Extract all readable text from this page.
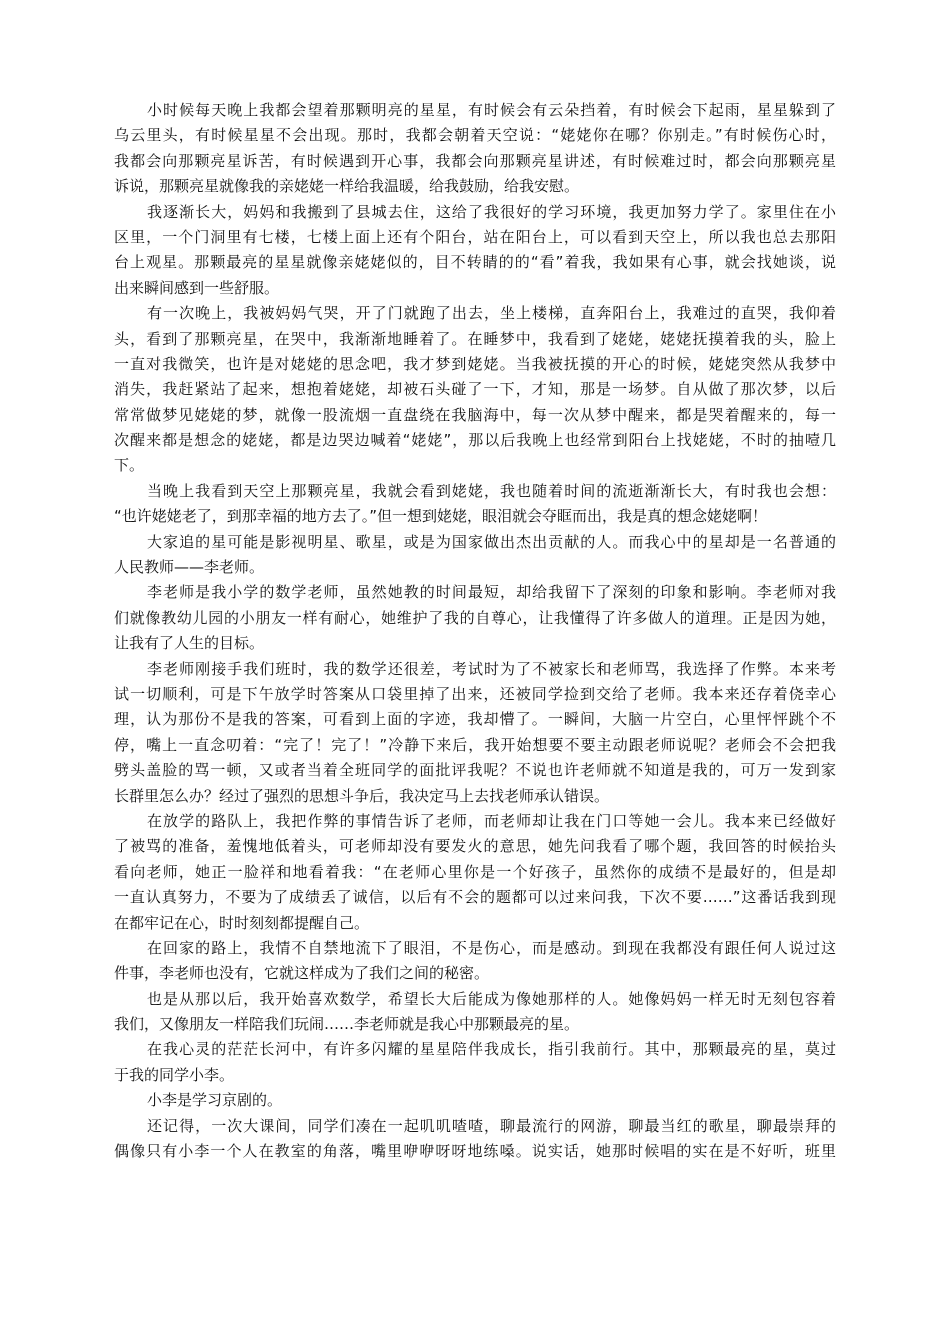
小时候每天晚上我都会望着那颗明亮的星星，有时候会有云朵挡着，有时候会下起雨，星星躲到了
乌云里头，有时候星星不会出现。那时，我都会朝着天空说：“姥姥你在哪？你别走。”有时候伤心时，
我都会向那颗亮星诉苦，有时候遇到开心事，我都会向那颗亮星讲述，有时候难过时，都会向那颗亮星
诉说，那颗亮星就像我的亲姥姥一样给我温暖，给我鼓励，给我安慰。
我逐渐长大，妈妈和我搬到了县城去住，这给了我很好的学习环境，我更加努力学了。家里住在小
区里，一个门洞里有七楼，七楼上面上还有个阳台，站在阳台上，可以看到天空上，所以我也总去那阳
台上观星。那颗最亮的星星就像亲姥姥似的，目不转睛的的“看”着我，我如果有心事，就会找她谈，说
出来瞬间感到一些舒服。
有一次晚上，我被妈妈气哭，开了门就跑了出去，坐上楼梯，直奔阳台上，我难过的直哭，我仰着
头，看到了那颗亮星，在哭中，我渐渐地睡着了。在睡梦中，我看到了姥姥，姥姥抚摸着我的头，脸上
一直对我微笑，也许是对姥姥的思念吧，我才梦到姥姥。当我被抚摸的开心的时候，姥姥突然从我梦中
消失，我赶紧站了起来，想抱着姥姥，却被石头碰了一下，才知，那是一场梦。自从做了那次梦，以后
常常做梦见姥姥的梦，就像一股流烟一直盘绕在我脑海中，每一次从梦中醒来，都是哭着醒来的，每一
次醒来都是想念的姥姥，都是边哭边喊着“姥姥”，那以后我晚上也经常到阳台上找姥姥，不时的抽噎几
下。
当晚上我看到天空上那颗亮星，我就会看到姥姥，我也随着时间的流逝渐渐长大，有时我也会想：
“也许姥姥老了，到那幸福的地方去了。”但一想到姥姥，眼泪就会夺眶而出，我是真的想念姥姥啊！
大家追的星可能是影视明星、歌星，或是为国家做出杰出贡献的人。而我心中的星却是一名普通的
人民教师——李老师。
李老师是我小学的数学老师，虽然她教的时间最短，却给我留下了深刻的印象和影响。李老师对我
们就像教幼儿园的小朋友一样有耐心，她维护了我的自尊心，让我懂得了许多做人的道理。正是因为她，
让我有了人生的目标。
李老师刚接手我们班时，我的数学还很差，考试时为了不被家长和老师骂，我选择了作弊。本来考
试一切顺利，可是下午放学时答案从口袋里掉了出来，还被同学捡到交给了老师。我本来还存着侥幸心
理，认为那份不是我的答案，可看到上面的字迹，我却懵了。一瞬间，大脑一片空白，心里怦怦跳个不
停，嘴上一直念叨着：“完了！完了！”冷静下来后，我开始想要不要主动跟老师说呢？老师会不会把我
劈头盖脸的骂一顿，又或者当着全班同学的面批评我呢？不说也许老师就不知道是我的，可万一发到家
长群里怎么办？经过了强烈的思想斗争后，我决定马上去找老师承认错误。
在放学的路队上，我把作弊的事情告诉了老师，而老师却让我在门口等她一会儿。我本来已经做好
了被骂的准备，羞愧地低着头，可老师却没有要发火的意思，她先问我看了哪个题，我回答的时候抬头
看向老师，她正一脸祥和地看着我：“在老师心里你是一个好孩子，虽然你的成绩不是最好的，但是却
一直认真努力，不要为了成绩丢了诚信，以后有不会的题都可以过来问我，下次不要……”这番话我到现
在都牢记在心，时时刻刻都提醒自己。
在回家的路上，我情不自禁地流下了眼泪，不是伤心，而是感动。到现在我都没有跟任何人说过这
件事，李老师也没有，它就这样成为了我们之间的秘密。
也是从那以后，我开始喜欢数学，希望长大后能成为像她那样的人。她像妈妈一样无时无刻包容着
我们，又像朋友一样陪我们玩闹……李老师就是我心中那颗最亮的星。
在我心灵的茫茫长河中，有许多闪耀的星星陪伴我成长，指引我前行。其中，那颗最亮的星，莫过
于我的同学小李。
小李是学习京剧的。
还记得，一次大课间，同学们凑在一起叽叽喳喳，聊最流行的网游，聊最当红的歌星，聊最崇拜的
偶像只有小李一个人在教室的角落，嘴里咿咿呀呀地练嗓。说实话，她那时候唱的实在是不好听，班里
